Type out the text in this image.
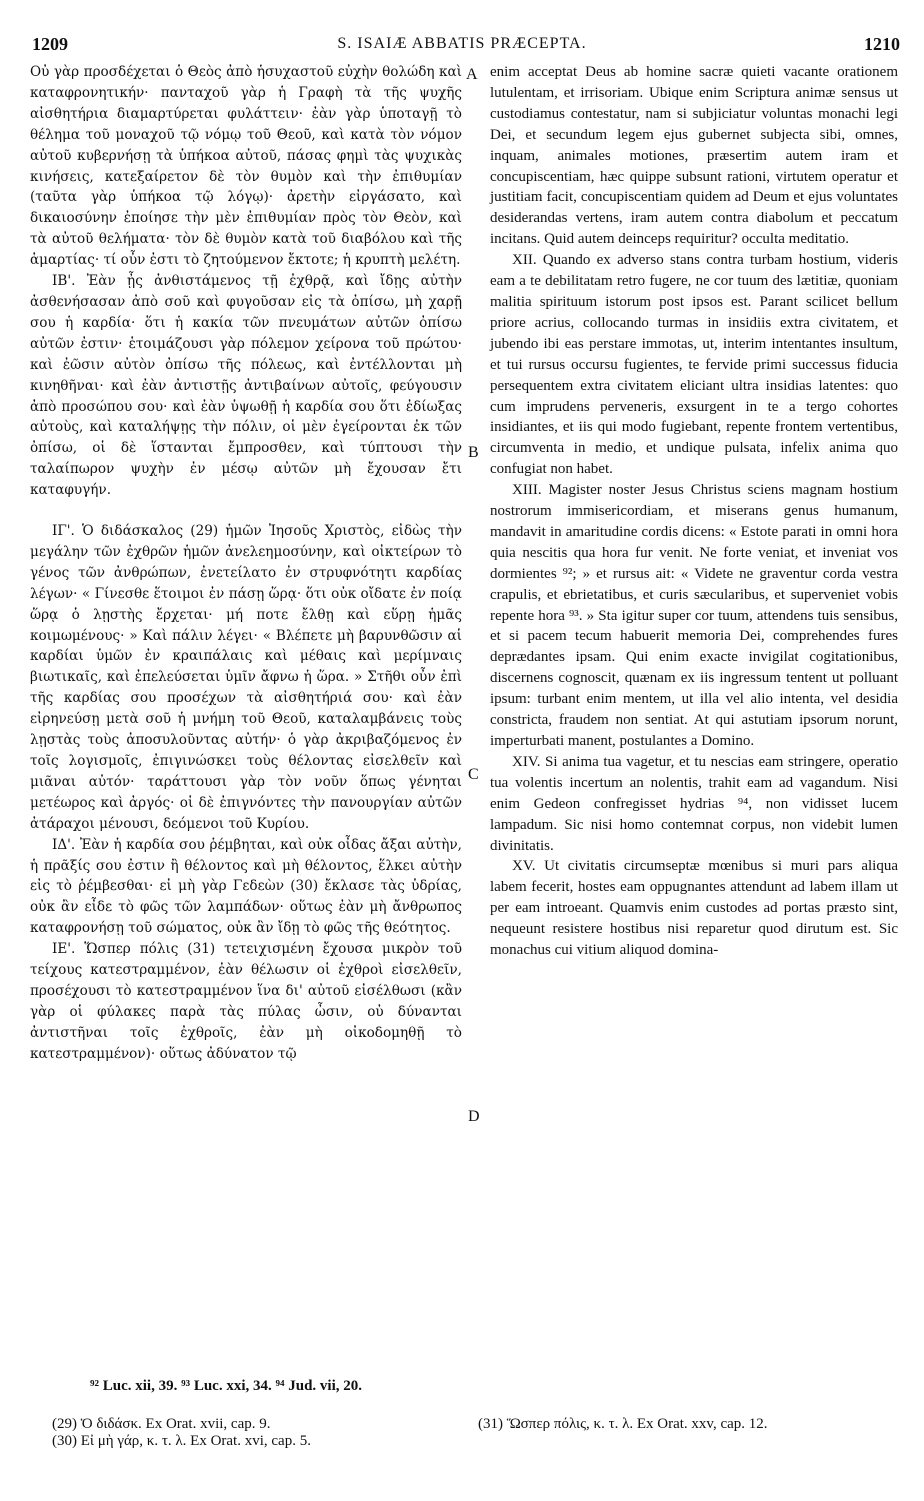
1209	S. ISAIÆ ABBATIS PRÆCEPTA.	1210

Οὐ γὰρ προσδέχεται ὁ Θεὸς ἀπὸ ἡσυχαστοῦ εὐχὴν θολώδη καὶ καταφρονητικήν· πανταχοῦ γὰρ ἡ Γραφὴ τὰ τῆς ψυχῆς αἰσθητήρια διαμαρτύρεται φυλάττειν· ἐὰν γὰρ ὑποταγῇ τὸ θέλημα τοῦ μοναχοῦ τῷ νόμῳ τοῦ Θεοῦ, καὶ κατὰ τὸν νόμον αὐτοῦ κυβερνήσῃ τὰ ὑπήκοα αὐτοῦ, πάσας φημὶ τὰς ψυχικὰς κινήσεις, κατεξαίρετον δὲ τὸν θυμὸν καὶ τὴν ἐπιθυμίαν (ταῦτα γὰρ ὑπήκοα τῷ λόγῳ)· ἀρετὴν εἰργάσατο, καὶ δικαιοσύνην ἐποίησε τὴν μὲν ἐπιθυμίαν πρὸς τὸν Θεὸν, καὶ τὰ αὐτοῦ θελήματα· τὸν δὲ θυμὸν κατὰ τοῦ διαβόλου καὶ τῆς ἁμαρτίας· τί οὖν ἐστι τὸ ζητούμενον ἔκτοτε; ἡ κρυπτὴ μελέτη.

ΙΒ'. Ἐὰν ᾖς ἀνθιστάμενος τῇ ἐχθρᾷ, καὶ ἴδῃς αὐτὴν ἀσθενήσασαν ἀπὸ σοῦ καὶ φυγοῦσαν εἰς τὰ ὀπίσω, μὴ χαρῇ σου ἡ καρδία· ὅτι ἡ κακία τῶν πνευμάτων αὐτῶν ὀπίσω αὐτῶν ἐστιν· ἑτοιμάζουσι γὰρ πόλεμον χείρονα τοῦ πρώτου· καὶ ἐῶσιν αὐτὸν ὀπίσω τῆς πόλεως, καὶ ἐντέλλονται μὴ κινηθῆναι· καὶ ἐὰν ἀντιστῇς ἀντιβαίνων αὐτοῖς, φεύγουσιν ἀπὸ προσώπου σου· καὶ ἐὰν ὑψωθῇ ἡ καρδία σου ὅτι ἐδίωξας αὐτοὺς, καὶ καταλήψῃς τὴν πόλιν, οἱ μὲν ἐγείρονται ἐκ τῶν ὀπίσω, οἱ δὲ ἵστανται ἔμπροσθεν, καὶ τύπτουσι τὴν ταλαίπωρον ψυχὴν ἐν μέσῳ αὐτῶν μὴ ἔχουσαν ἔτι καταφυγήν.

ΙΓ'. Ὁ διδάσκαλος (29) ἡμῶν Ἰησοῦς Χριστὸς, εἰδὼς τὴν μεγάλην τῶν ἐχθρῶν ἡμῶν ἀνελεημοσύνην, καὶ οἰκτείρων τὸ γένος τῶν ἀνθρώπων, ἐνετείλατο ἐν στρυφνότητι καρδίας λέγων· « Γίνεσθε ἕτοιμοι ἐν πάσῃ ὥρᾳ· ὅτι οὐκ οἴδατε ἐν ποίᾳ ὥρᾳ ὁ λῃστὴς ἔρχεται· μή ποτε ἔλθῃ καὶ εὕρῃ ἡμᾶς κοιμωμένους· » Καὶ πάλιν λέγει· « Βλέπετε μὴ βαρυνθῶσιν αἱ καρδίαι ὑμῶν ἐν κραιπάλαις καὶ μέθαις καὶ μερίμναις βιωτικαῖς, καὶ ἐπελεύσεται ὑμῖν ἄφνω ἡ ὥρα. » Στῆθι οὖν ἐπὶ τῆς καρδίας σου προσέχων τὰ αἰσθητήριά σου· καὶ ἐὰν εἰρηνεύσῃ μετὰ σοῦ ἡ μνήμη τοῦ Θεοῦ, καταλαμβάνεις τοὺς λῃστὰς τοὺς ἀποσυλοῦντας αὐτήν· ὁ γὰρ ἀκριβαζόμενος ἐν τοῖς λογισμοῖς, ἐπιγινώσκει τοὺς θέλοντας εἰσελθεῖν καὶ μιᾶναι αὐτόν· ταράττουσι γὰρ τὸν νοῦν ὅπως γένηται μετέωρος καὶ ἀργός· οἱ δὲ ἐπιγνόντες τὴν πανουργίαν αὐτῶν ἀτάραχοι μένουσι, δεόμενοι τοῦ Κυρίου.

ΙΔ'. Ἐὰν ἡ καρδία σου ῥέμβηται, καὶ οὐκ οἶδας ἄξαι αὐτὴν, ἡ πρᾶξίς σου ἐστιν ἢ θέλοντος καὶ μὴ θέλοντος, ἕλκει αὐτὴν εἰς τὸ ῥέμβεσθαι· εἰ μὴ γὰρ Γεδεὼν (30) ἔκλασε τὰς ὑδρίας, οὐκ ἂν εἶδε τὸ φῶς τῶν λαμπάδων· οὕτως ἐὰν μὴ ἄνθρωπος καταφρονήσῃ τοῦ σώματος, οὐκ ἂν ἴδῃ τὸ φῶς τῆς θεότητος.

ΙΕ'. Ὥσπερ πόλις (31) τετειχισμένη ἔχουσα μικρὸν τοῦ τείχους κατεστραμμένον, ἐὰν θέλωσιν οἱ ἐχθροὶ εἰσελθεῖν, προσέχουσι τὸ κατεστραμμένον ἵνα δι' αὐτοῦ εἰσέλθωσι (κἂν γὰρ οἱ φύλακες παρὰ τὰς πύλας ὦσιν, οὐ δύνανται ἀντιστῆναι τοῖς ἐχθροῖς, ἐὰν μὴ οἰκοδομηθῇ τὸ κατεστραμμένον)· οὕτως ἀδύνατον τῷ

A
B
C
D

enim acceptat Deus ab homine sacræ quieti vacante orationem lutulentam, et irrisoriam. Ubique enim Scriptura animæ sensus ut custodiamus contestatur, nam si subjiciatur voluntas monachi legi Dei, et secundum legem ejus gubernet subjecta sibi, omnes, inquam, animales motiones, præsertim autem iram et concupiscentiam, hæc quippe subsunt rationi, virtutem operatur et justitiam facit, concupiscentiam quidem ad Deum et ejus voluntates desiderandas vertens, iram autem contra diabolum et peccatum incitans. Quid autem deinceps requiritur? occulta meditatio.

XII. Quando ex adverso stans contra turbam hostium, videris eam a te debilitatam retro fugere, ne cor tuum des lætitiæ, quoniam malitia spirituum istorum post ipsos est. Parant scilicet bellum priore acrius, collocando turmas in insidiis extra civitatem, et jubendo ibi eas perstare immotas, ut, interim intentantes insultum, et tui rursus occursu fugientes, te fervide primi successus fiducia persequentem extra civitatem eliciant ultra insidias latentes: quo cum imprudens perveneris, exsurgent in te a tergo cohortes insidiantes, et iis qui modo fugiebant, repente frontem vertentibus, circumventa in medio, et undique pulsata, infelix anima quo confugiat non habet.

XIII. Magister noster Jesus Christus sciens magnam hostium nostrorum immisericordiam, et miserans genus humanum, mandavit in amaritudine cordis dicens: « Estote parati in omni hora quia nescitis qua hora fur venit. Ne forte veniat, et inveniat vos dormientes ⁹²; » et rursus ait: « Videte ne graventur corda vestra crapulis, et ebrietatibus, et curis sæcularibus, et superveniet vobis repente hora ⁹³. » Sta igitur super cor tuum, attendens tuis sensibus, et si pacem tecum habuerit memoria Dei, comprehendes fures deprædantes ipsam. Qui enim exacte invigilat cogitationibus, discernens cognoscit, quænam ex iis ingressum tentent ut polluant ipsum: turbant enim mentem, ut illa vel alio intenta, vel desidia constricta, fraudem non sentiat. At qui astutiam ipsorum norunt, imperturbati manent, postulantes a Domino.

XIV. Si anima tua vagetur, et tu nescias eam stringere, operatio tua volentis incertum an nolentis, trahit eam ad vagandum. Nisi enim Gedeon confregisset hydrias ⁹⁴, non vidisset lucem lampadum. Sic nisi homo contemnat corpus, non videbit lumen divinitatis.

XV. Ut civitatis circumseptæ mœnibus si muri pars aliqua labem fecerit, hostes eam oppugnantes attendunt ad labem illam ut per eam introeant. Quamvis enim custodes ad portas præsto sint, nequeunt resistere hostibus nisi reparetur quod dirutum est. Sic monachus cui vitium aliquod domina-

⁹² Luc. xii, 39. ⁹³ Luc. xxi, 34. ⁹⁴ Jud. vii, 20.
(29) Ὁ διδάσκ. Ex Orat. xvii, cap. 9.
(30) Εἰ μὴ γάρ, κ. τ. λ. Ex Orat. xvi, cap. 5.
(31) Ὥσπερ πόλις, κ. τ. λ. Ex Orat. xxv, cap. 12.
